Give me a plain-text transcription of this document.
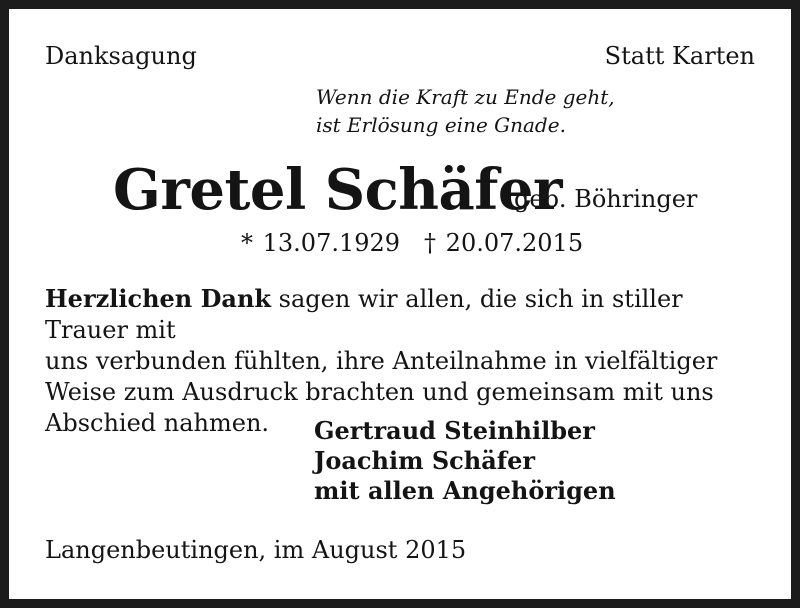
Danksagung	Statt Karten
Wenn die Kraft zu Ende geht,
ist Erlösung eine Gnade.
Gretel Schäfer
geb. Böhringer
* 13.07.1929 † 20.07.2015
Herzlichen Dank sagen wir allen, die sich in stiller Trauer mit
uns verbunden fühlten, ihre Anteilnahme in vielfältiger
Weise zum Ausdruck brachten und gemeinsam mit uns
Abschied nahmen.	Gertraud Steinhilber
Joachim Schäfer
mit allen Angehörigen
Langenbeutingen, im August 2015
